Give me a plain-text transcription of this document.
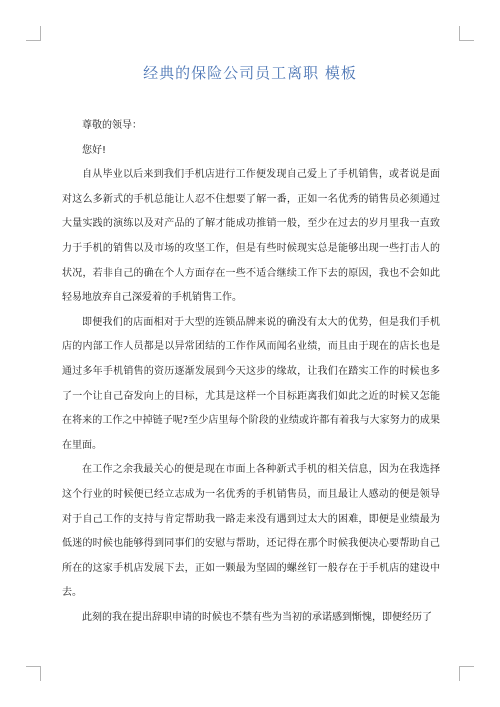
经典的保险公司员工离职 模板

尊敬的领导：

您好!

自从毕业以后来到我们手机店进行工作便发现自己爱上了手机销售，或者说是面对这么多新式的手机总能让人忍不住想要了解一番，正如一名优秀的销售员必须通过大量实践的演练以及对产品的了解才能成功推销一般，至少在过去的岁月里我一直致力于手机的销售以及市场的攻坚工作，但是有些时候现实总是能够出现一些打击人的状况，若非自己的确在个人方面存在一些不适合继续工作下去的原因，我也不会如此轻易地放弃自己深爱着的手机销售工作。

即便我们的店面相对于大型的连锁品牌来说的确没有太大的优势，但是我们手机店的内部工作人员都是以异常团结的工作作风而闻名业绩，而且由于现在的店长也是通过多年手机销售的资历逐渐发展到今天这步的缘故，让我们在踏实工作的时候也多了一个让自己奋发向上的目标，尤其是这样一个目标距离我们如此之近的时候又怎能在将来的工作之中掉链子呢?至少店里每个阶段的业绩或许都有着我与大家努力的成果在里面。

在工作之余我最关心的便是现在市面上各种新式手机的相关信息，因为在我选择这个行业的时候便已经立志成为一名优秀的手机销售员，而且最让人感动的便是领导对于自己工作的支持与肯定帮助我一路走来没有遇到过太大的困难，即便是业绩最为低迷的时候也能够得到同事们的安慰与帮助，还记得在那个时候我便决心要帮助自己所在的这家手机店发展下去，正如一颗最为坚固的螺丝钉一般存在于手机店的建设中去。

此刻的我在提出辞职申请的时候也不禁有些为当初的承诺感到惭愧，即便经历了
